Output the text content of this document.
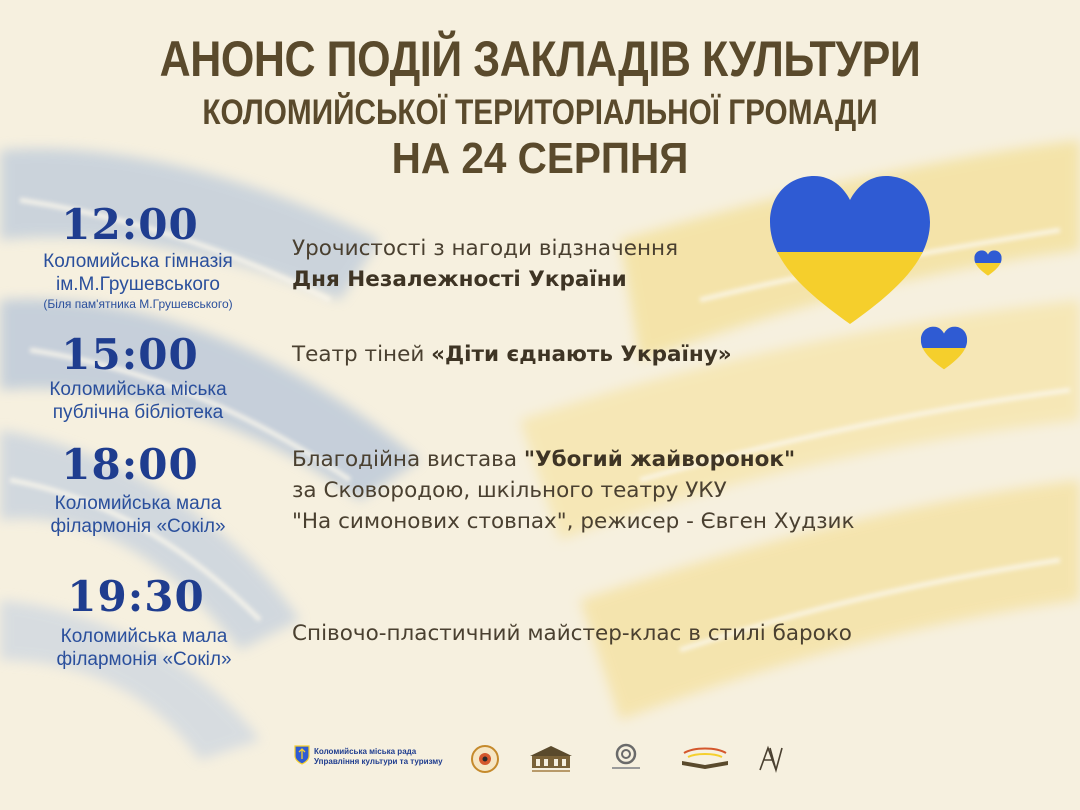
АНОНС ПОДІЙ ЗАКЛАДІВ КУЛЬТУРИ
КОЛОМИЙСЬКОЇ ТЕРИТОРІАЛЬНОЇ ГРОМАДИ
НА 24 СЕРПНЯ
12:00
Коломийська гімназія
ім.М.Грушевського
(Біля пам'ятника М.Грушевського)
Урочистості з нагоди відзначення
Дня Незалежності України
15:00
Коломийська міська
публічна бібліотека
Театр тіней «Діти єднають Україну»
18:00
Коломийська мала
філармонія «Сокіл»
Благодійна вистава "Убогий жайворонок"
за Сковородою, шкільного театру УКУ
"На симонових стовпах", режисер - Євген Худзик
19:30
Коломийська мала
філармонія «Сокіл»
Співочо-пластичний майстер-клас в стилі бароко
Коломийська міська рада
Управління культури та туризму
